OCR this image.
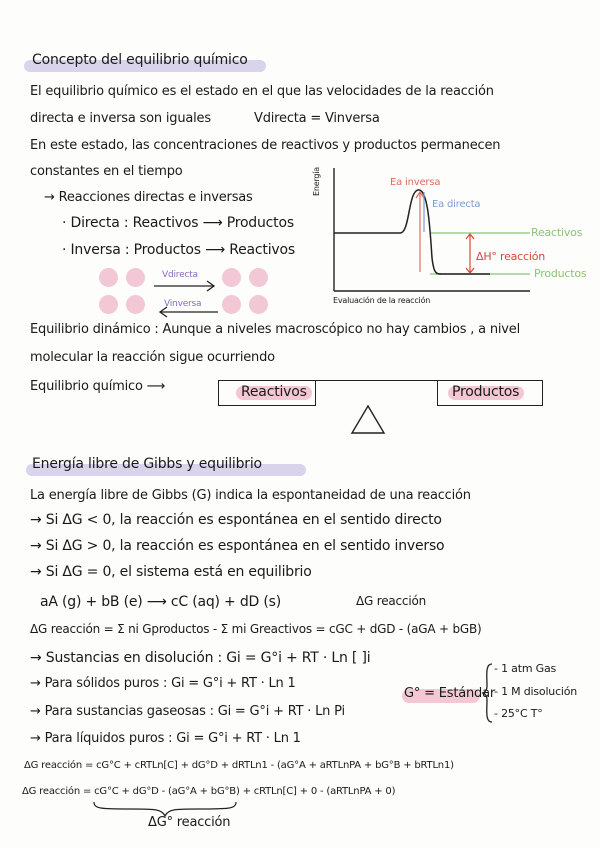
Concepto del equilibrio químico
El equilibrio químico es el estado en el que las velocidades de la reacción
directa e inversa son iguales	Vdirecta = Vinversa
En este estado, las concentraciones de reactivos y productos permanecen
constantes en el tiempo
→ Reacciones directas e inversas
· Directa : Reactivos ⟶ Productos
· Inversa : Productos ⟶ Reactivos
Vdirecta
Vinversa
Energía
Evaluación de la reacción
Ea inversa
Ea directa
Reactivos
Productos
ΔH° reacción
Equilibrio dinámico : Aunque a niveles macroscópico no hay cambios , a nivel
molecular la reacción sigue ocurriendo
Equilibrio químico ⟶	Reactivos	Productos
Energía libre de Gibbs y equilibrio
La energía libre de Gibbs (G) indica la espontaneidad de una reacción
→ Si ΔG < 0, la reacción es espontánea en el sentido directo
→ Si ΔG > 0, la reacción es espontánea en el sentido inverso
→ Si ΔG = 0, el sistema está en equilibrio
aA (g) + bB (e) ⟶ cC (aq) + dD (s)	ΔG reacción
ΔG reacción = Σ ni Gproductos - Σ mi Greactivos = cGC + dGD - (aGA + bGB)
→ Sustancias en disolución : Gi = G°i + RT · Ln [ ]i
→ Para sólidos puros : Gi = G°i + RT · Ln 1
→ Para sustancias gaseosas : Gi = G°i + RT · Ln Pi
→ Para líquidos puros : Gi = G°i + RT · Ln 1
G° = Estándar
- 1 atm Gas
- 1 M disolución
- 25°C T°
ΔG reacción = cG°C + cRTLn[C] + dG°D + dRTLn1 - (aG°A + aRTLnPA + bG°B + bRTLn1)
ΔG reacción = cG°C + dG°D - (aG°A + bG°B) + cRTLn[C] + 0 - (aRTLnPA + 0)
ΔG° reacción
